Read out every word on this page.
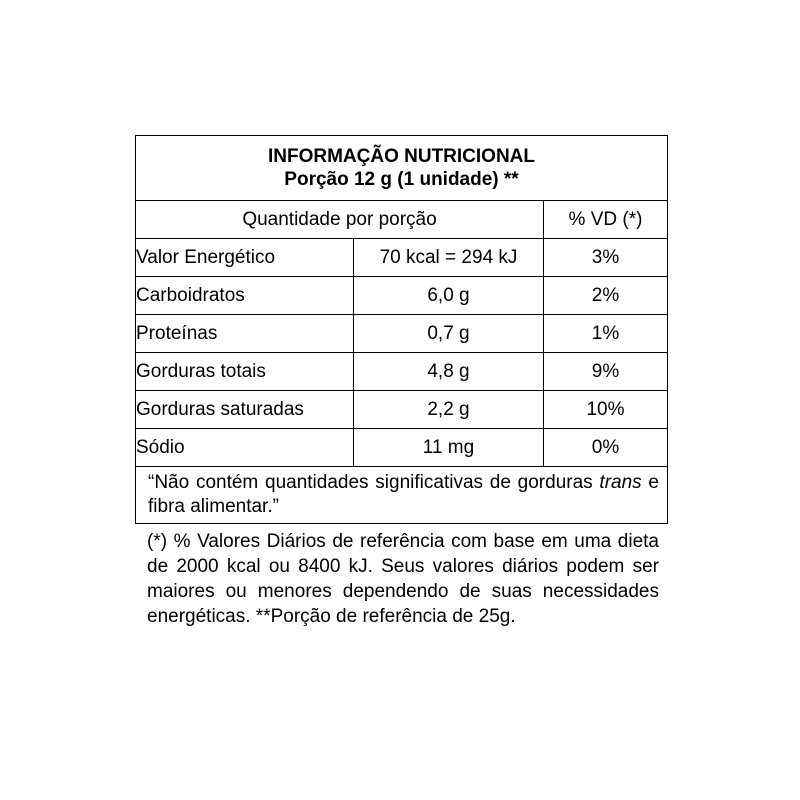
INFORMAÇÃO NUTRICIONAL
Porção 12 g (1 unidade) **		

Quantidade por porção		% VD (*)
Valor Energético	70 kcal = 294 kJ	3%
Carboidratos	6,0 g	2%
Proteínas	0,7 g	1%
Gorduras totais	4,8 g	9%
Gorduras saturadas	2,2 g	10%
Sódio	11 mg	0%
“Não contém quantidades significativas de gorduras trans e fibra alimentar.”		
(*) % Valores Diários de referência com base em uma dieta de 2000 kcal ou 8400 kJ. Seus valores diários podem ser maiores ou menores dependendo de suas necessidades energéticas. **Porção de referência de 25g.
